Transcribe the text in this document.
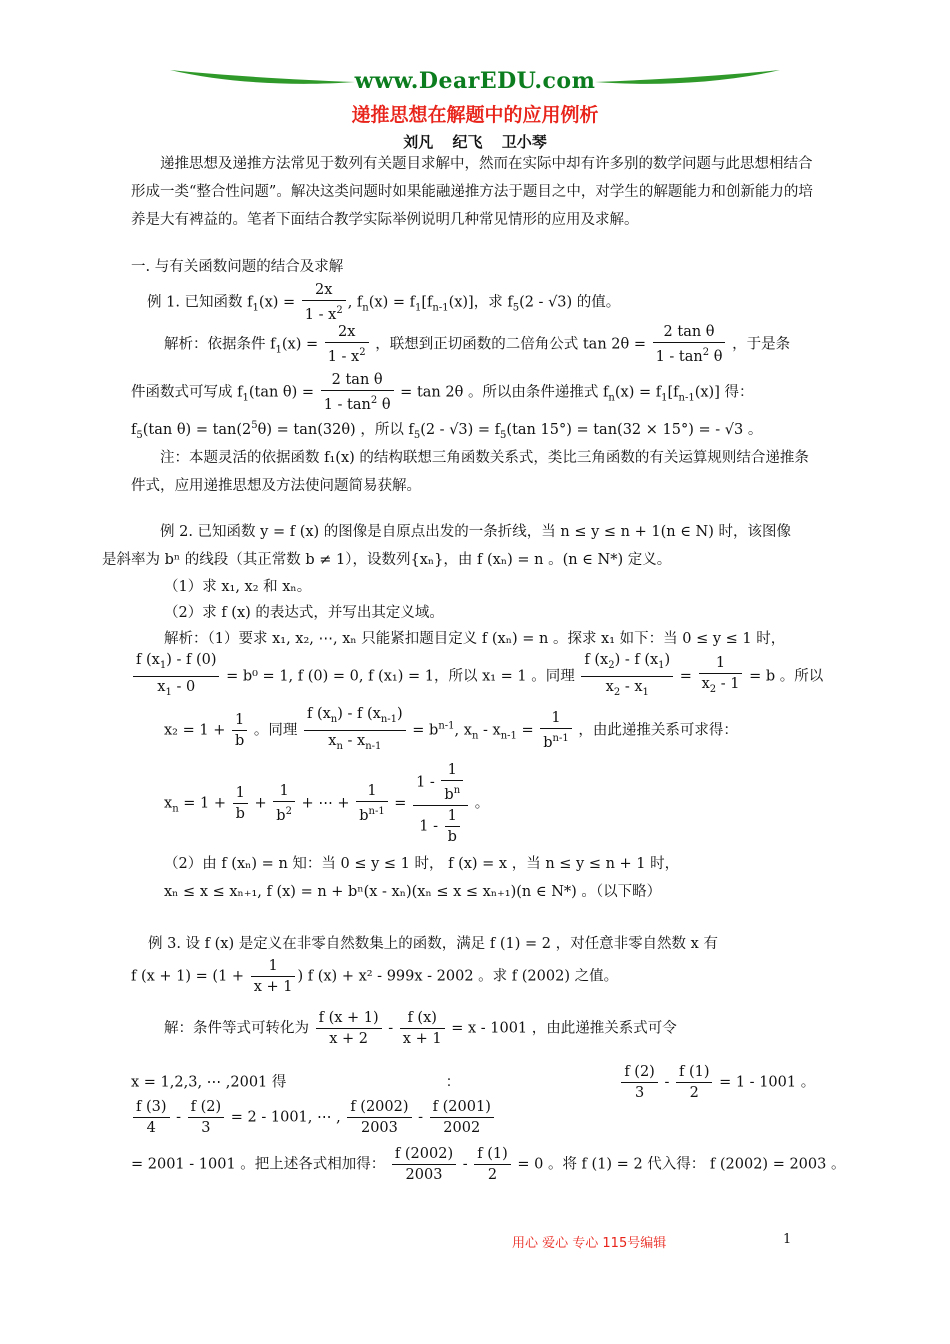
www.DearEDU.com
递推思想在解题中的应用例析
刘凡 纪飞 卫小琴
递推思想及递推方法常见于数列有关题目求解中，然而在实际中却有许多别的数学问题与此思想相结合形成一类“整合性问题”。解决这类问题时如果能融递推方法于题目之中，对学生的解题能力和创新能力的培养是大有裨益的。笔者下面结合教学实际举例说明几种常见情形的应用及求解。
一. 与有关函数问题的结合及求解
例 1. 已知函数 $f_1(x) = \frac{2x}{1 - x^2}$ , $f_n(x) = f_1[f_{n-1}(x)]$，求 $f_5(2 - √3)$ 的值。
解析：依据条件 $f_1(x) = \frac{2x}{1 - x^2}$ ，联想到正切函数的二倍角公式 $\tan 2\theta = \frac{\text{2 tan θ}}{1 - \tan^2 \theta}$ ，于是条
件函数式可写成 $f_1(\tan$ $\theta) = \frac{\text{2 tan θ}}{1 - \tan^2 \theta} = \tan 2\theta$ 。所以由条件递推式 $f_n(x) = f_1[f_{n-1}(x)]$ 得：
$f_5(\tan$ $\theta) = \tan(2^5\theta) = \tan(32\theta)$ ，所以 $f_5(2 - √3) = f_5(\tan$ 15°) = tan(32 × 15°) = - √3 。
注：本题灵活的依据函数 f₁(x) 的结构联想三角函数关系式，类比三角函数的有关运算规则结合递推条件式，应用递推思想及方法使问题简易获解。
例 2. 已知函数 y = f (x) 的图像是自原点出发的一条折线，当 n ≤ y ≤ n + 1(n ∈ N) 时，该图像
是斜率为 bⁿ 的线段（其正常数 b ≠ 1），设数列{xₙ}，由 f (xₙ) = n 。(n ∈ N*) 定义。
（1）求 x₁, x₂ 和 xₙ。
（2）求 f (x) 的表达式，并写出其定义域。
解析：（1）要求 x₁, x₂, ⋯, xₙ 只能紧扣题目定义 f (xₙ) = n 。探求 x₁ 如下：当 0 ≤ y ≤ 1 时，
$\frac{f (x_1) - f (0)}{x_1 - 0} = b^0 = 1$, f (0) = 0, f (x₁) = 1，所以 x₁ = 1 。同理 $\frac{f (x_2) - f (x_1)}{x_2 - x_1} = \frac{1}{x_2 - 1} = b$ 。所以
$x_2 = 1 + \frac{1}{b}$ 。同理 $\frac{f (x_n) - f (x_{n-1})}{x_n - x_{n-1}} = b^{n-1}$, $x_n - x_{n-1} = \frac{1}{b^{n-1}}$ ，由此递推关系可求得：
$x_n = 1 + \frac{1}{b} + \frac{1}{b^2}$ + ⋯ + $\frac{1}{b^{n-1}} = \frac{1 - \frac{1}{b^n}}{1 - \frac{1}{b}}$ 。
（2）由 f (xₙ) = n 知：当 0 ≤ y ≤ 1 时， f (x) = x ，当 n ≤ y ≤ n + 1 时，
xₙ ≤ x ≤ xₙ₊₁, f (x) = n + bⁿ(x - xₙ)(xₙ ≤ x ≤ xₙ₊₁)(n ∈ N*) 。（以下略）
例 3. 设 f (x) 是定义在非零自然数集上的函数，满足 f (1) = 2 ，对任意非零自然数 x 有
f $(x + 1) = (1 + \frac{1}{x + 1}$ ) f (x) + x² - 999x - 2002 。求 f (2002) 之值。
解：条件等式可转化为 $\frac{f (x + 1)}{x + 2} - \frac{f (x)}{x + 1} = x - 1001$ ，由此递推关系式可令
x = 1,2,3, ⋯ ,2001 得	：	$\frac{f (2)}{3} - \frac{f (1)}{2} = 1 - 1001$ 。
$\frac{f (3)}{4} - \frac{f (2)}{3} = 2 - 1001$, ⋯ , $\frac{f (2002)}{2003} - \frac{f (2001)}{2002}$
= 2001 - 1001 。把上述各式相加得： $\frac{f (2002)}{2003} - \frac{f (1)}{2} = 0$ 。将 f (1) = 2 代入得： f (2002) = 2003 。
用心 爱心 专心 115号编辑	1
